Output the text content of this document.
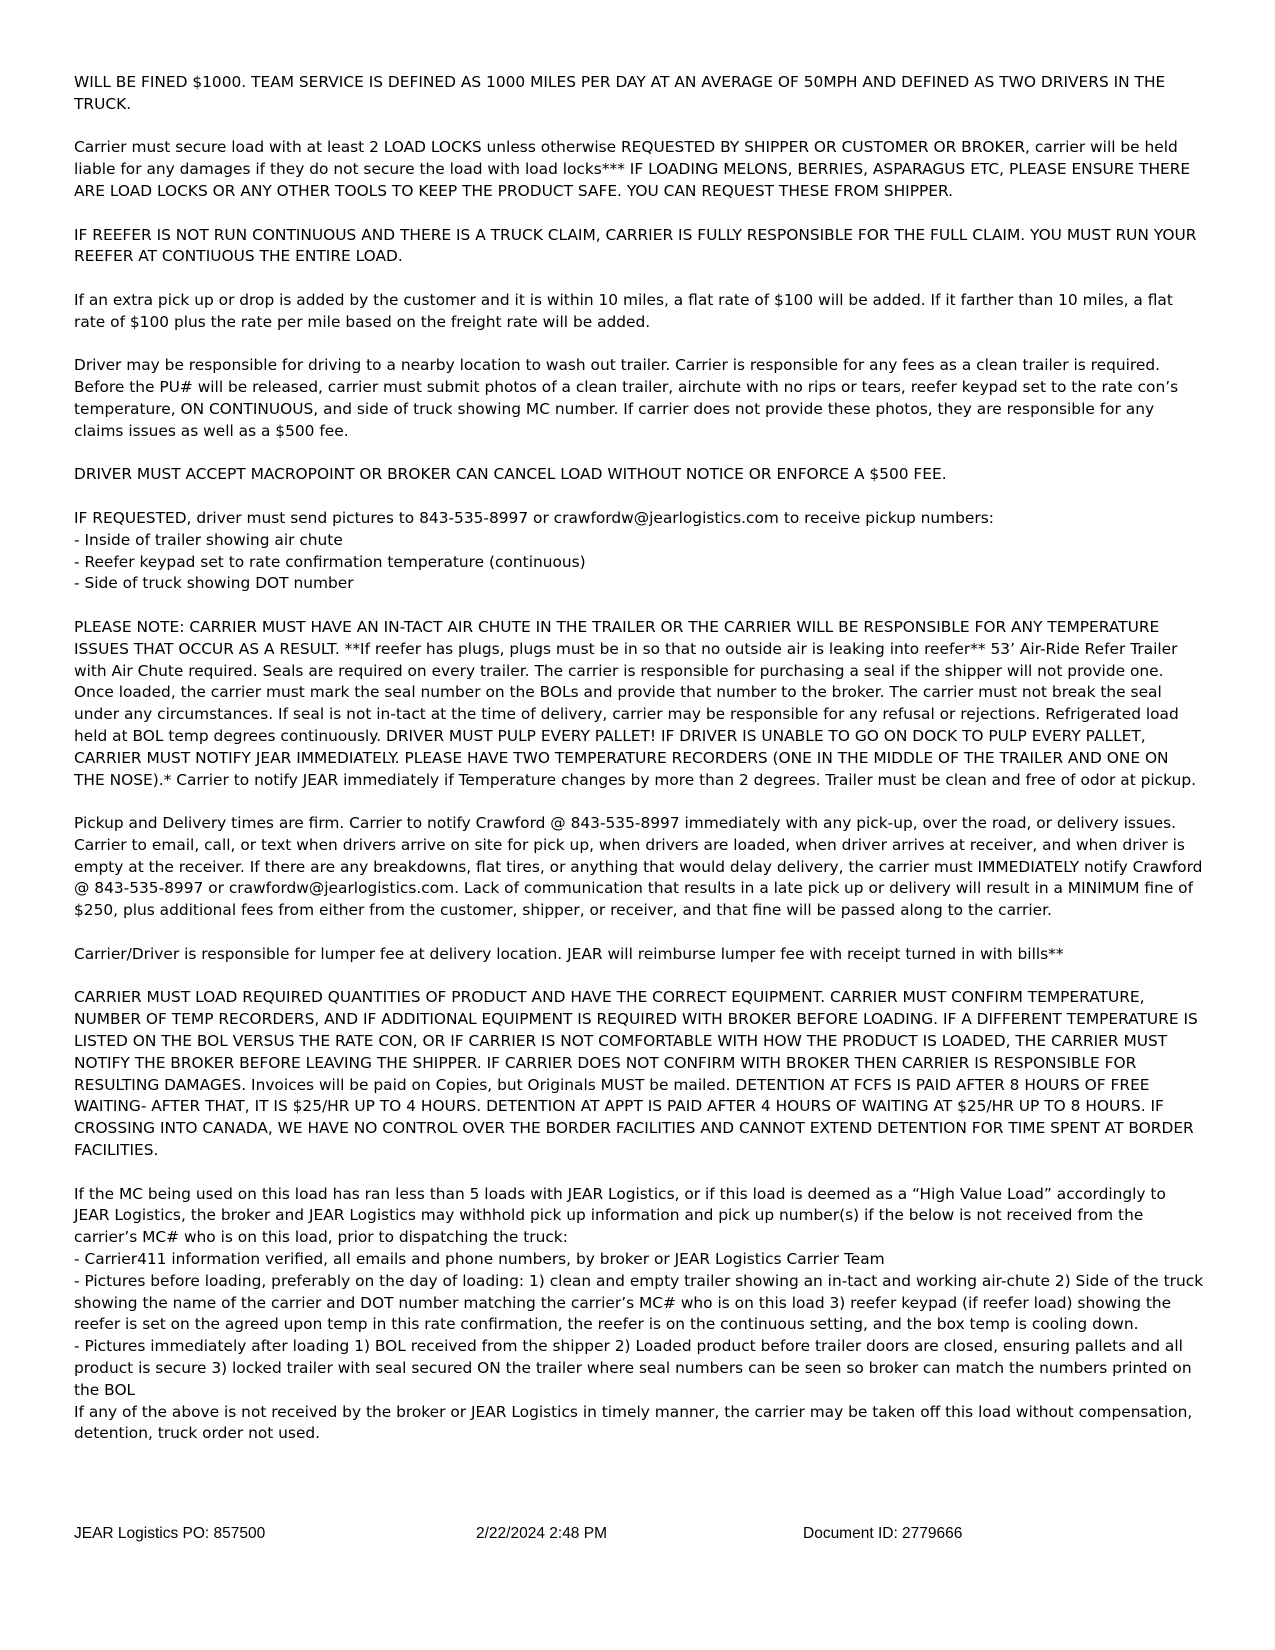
WILL BE FINED $1000. TEAM SERVICE IS DEFINED AS 1000 MILES PER DAY AT AN AVERAGE OF 50MPH AND DEFINED AS TWO DRIVERS IN THE TRUCK.

Carrier must secure load with at least 2 LOAD LOCKS unless otherwise REQUESTED BY SHIPPER OR CUSTOMER OR BROKER, carrier will be held liable for any damages if they do not secure the load with load locks*** IF LOADING MELONS, BERRIES, ASPARAGUS ETC, PLEASE ENSURE THERE ARE LOAD LOCKS OR ANY OTHER TOOLS TO KEEP THE PRODUCT SAFE. YOU CAN REQUEST THESE FROM SHIPPER.

IF REEFER IS NOT RUN CONTINUOUS AND THERE IS A TRUCK CLAIM, CARRIER IS FULLY RESPONSIBLE FOR THE FULL CLAIM. YOU MUST RUN YOUR REEFER AT CONTIUOUS THE ENTIRE LOAD.

If an extra pick up or drop is added by the customer and it is within 10 miles, a flat rate of $100 will be added. If it farther than 10 miles, a flat rate of $100 plus the rate per mile based on the freight rate will be added.

Driver may be responsible for driving to a nearby location to wash out trailer. Carrier is responsible for any fees as a clean trailer is required. Before the PU# will be released, carrier must submit photos of a clean trailer, airchute with no rips or tears, reefer keypad set to the rate con’s temperature, ON CONTINUOUS, and side of truck showing MC number. If carrier does not provide these photos, they are responsible for any claims issues as well as a $500 fee.

DRIVER MUST ACCEPT MACROPOINT OR BROKER CAN CANCEL LOAD WITHOUT NOTICE OR ENFORCE A $500 FEE.

IF REQUESTED, driver must send pictures to 843-535-8997 or crawfordw@jearlogistics.com to receive pickup numbers:
- Inside of trailer showing air chute
- Reefer keypad set to rate confirmation temperature (continuous)
- Side of truck showing DOT number

PLEASE NOTE: CARRIER MUST HAVE AN IN-TACT AIR CHUTE IN THE TRAILER OR THE CARRIER WILL BE RESPONSIBLE FOR ANY TEMPERATURE ISSUES THAT OCCUR AS A RESULT. **If reefer has plugs, plugs must be in so that no outside air is leaking into reefer** 53’ Air-Ride Refer Trailer with Air Chute required. Seals are required on every trailer. The carrier is responsible for purchasing a seal if the shipper will not provide one. Once loaded, the carrier must mark the seal number on the BOLs and provide that number to the broker. The carrier must not break the seal under any circumstances. If seal is not in-tact at the time of delivery, carrier may be responsible for any refusal or rejections. Refrigerated load held at BOL temp degrees continuously. DRIVER MUST PULP EVERY PALLET! IF DRIVER IS UNABLE TO GO ON DOCK TO PULP EVERY PALLET, CARRIER MUST NOTIFY JEAR IMMEDIATELY. PLEASE HAVE TWO TEMPERATURE RECORDERS (ONE IN THE MIDDLE OF THE TRAILER AND ONE ON THE NOSE).* Carrier to notify JEAR immediately if Temperature changes by more than 2 degrees. Trailer must be clean and free of odor at pickup.

Pickup and Delivery times are firm. Carrier to notify Crawford @ 843-535-8997 immediately with any pick-up, over the road, or delivery issues. Carrier to email, call, or text when drivers arrive on site for pick up, when drivers are loaded, when driver arrives at receiver, and when driver is empty at the receiver. If there are any breakdowns, flat tires, or anything that would delay delivery, the carrier must IMMEDIATELY notify Crawford @ 843-535-8997 or crawfordw@jearlogistics.com. Lack of communication that results in a late pick up or delivery will result in a MINIMUM fine of $250, plus additional fees from either from the customer, shipper, or receiver, and that fine will be passed along to the carrier.

Carrier/Driver is responsible for lumper fee at delivery location. JEAR will reimburse lumper fee with receipt turned in with bills**

CARRIER MUST LOAD REQUIRED QUANTITIES OF PRODUCT AND HAVE THE CORRECT EQUIPMENT. CARRIER MUST CONFIRM TEMPERATURE, NUMBER OF TEMP RECORDERS, AND IF ADDITIONAL EQUIPMENT IS REQUIRED WITH BROKER BEFORE LOADING. IF A DIFFERENT TEMPERATURE IS LISTED ON THE BOL VERSUS THE RATE CON, OR IF CARRIER IS NOT COMFORTABLE WITH HOW THE PRODUCT IS LOADED, THE CARRIER MUST NOTIFY THE BROKER BEFORE LEAVING THE SHIPPER. IF CARRIER DOES NOT CONFIRM WITH BROKER THEN CARRIER IS RESPONSIBLE FOR RESULTING DAMAGES. Invoices will be paid on Copies, but Originals MUST be mailed. DETENTION AT FCFS IS PAID AFTER 8 HOURS OF FREE WAITING- AFTER THAT, IT IS $25/HR UP TO 4 HOURS. DETENTION AT APPT IS PAID AFTER 4 HOURS OF WAITING AT $25/HR UP TO 8 HOURS. IF CROSSING INTO CANADA, WE HAVE NO CONTROL OVER THE BORDER FACILITIES AND CANNOT EXTEND DETENTION FOR TIME SPENT AT BORDER FACILITIES.

If the MC being used on this load has ran less than 5 loads with JEAR Logistics, or if this load is deemed as a “High Value Load” accordingly to JEAR Logistics, the broker and JEAR Logistics may withhold pick up information and pick up number(s) if the below is not received from the carrier’s MC# who is on this load, prior to dispatching the truck:
- Carrier411 information verified, all emails and phone numbers, by broker or JEAR Logistics Carrier Team
- Pictures before loading, preferably on the day of loading: 1) clean and empty trailer showing an in-tact and working air-chute 2) Side of the truck showing the name of the carrier and DOT number matching the carrier’s MC# who is on this load 3) reefer keypad (if reefer load) showing the reefer is set on the agreed upon temp in this rate confirmation, the reefer is on the continuous setting, and the box temp is cooling down.
- Pictures immediately after loading 1) BOL received from the shipper 2) Loaded product before trailer doors are closed, ensuring pallets and all product is secure 3) locked trailer with seal secured ON the trailer where seal numbers can be seen so broker can match the numbers printed on the BOL
If any of the above is not received by the broker or JEAR Logistics in timely manner, the carrier may be taken off this load without compensation, detention, truck order not used.

JEAR Logistics PO: 857500	2/22/2024 2:48 PM	Document ID: 2779666
